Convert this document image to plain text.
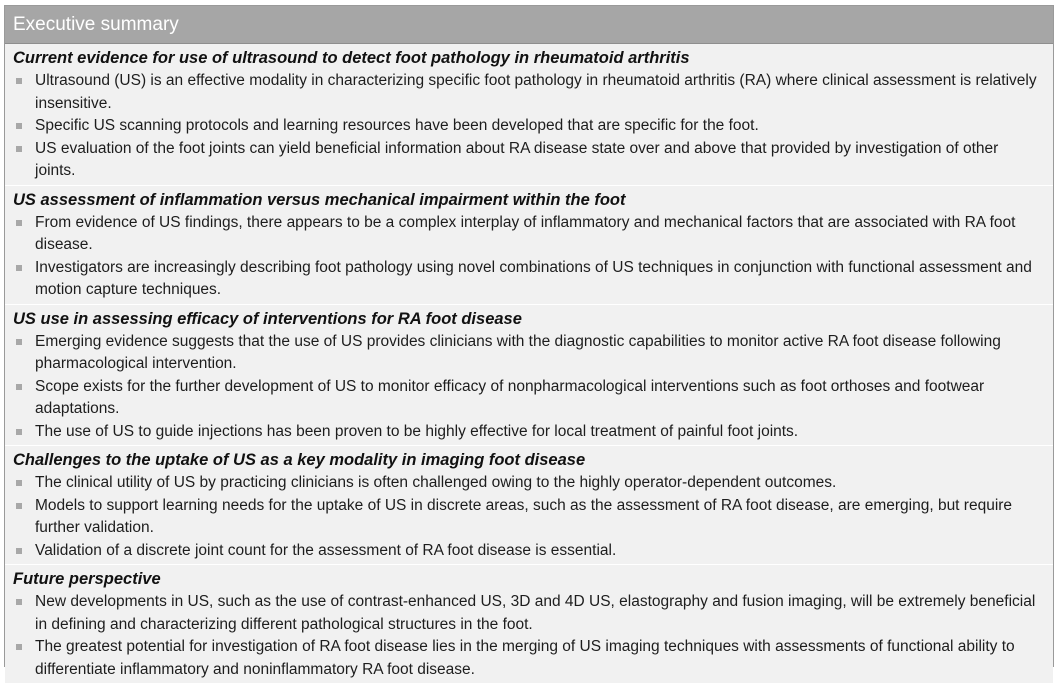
Executive summary
Current evidence for use of ultrasound to detect foot pathology in rheumatoid arthritis
Ultrasound (US) is an effective modality in characterizing specific foot pathology in rheumatoid arthritis (RA) where clinical assessment is relatively insensitive.
Specific US scanning protocols and learning resources have been developed that are specific for the foot.
US evaluation of the foot joints can yield beneficial information about RA disease state over and above that provided by investigation of other joints.
US assessment of inflammation versus mechanical impairment within the foot
From evidence of US findings, there appears to be a complex interplay of inflammatory and mechanical factors that are associated with RA foot disease.
Investigators are increasingly describing foot pathology using novel combinations of US techniques in conjunction with functional assessment and motion capture techniques.
US use in assessing efficacy of interventions for RA foot disease
Emerging evidence suggests that the use of US provides clinicians with the diagnostic capabilities to monitor active RA foot disease following pharmacological intervention.
Scope exists for the further development of US to monitor efficacy of nonpharmacological interventions such as foot orthoses and footwear adaptations.
The use of US to guide injections has been proven to be highly effective for local treatment of painful foot joints.
Challenges to the uptake of US as a key modality in imaging foot disease
The clinical utility of US by practicing clinicians is often challenged owing to the highly operator-dependent outcomes.
Models to support learning needs for the uptake of US in discrete areas, such as the assessment of RA foot disease, are emerging, but require further validation.
Validation of a discrete joint count for the assessment of RA foot disease is essential.
Future perspective
New developments in US, such as the use of contrast-enhanced US, 3D and 4D US, elastography and fusion imaging, will be extremely beneficial in defining and characterizing different pathological structures in the foot.
The greatest potential for investigation of RA foot disease lies in the merging of US imaging techniques with assessments of functional ability to differentiate inflammatory and noninflammatory RA foot disease.
